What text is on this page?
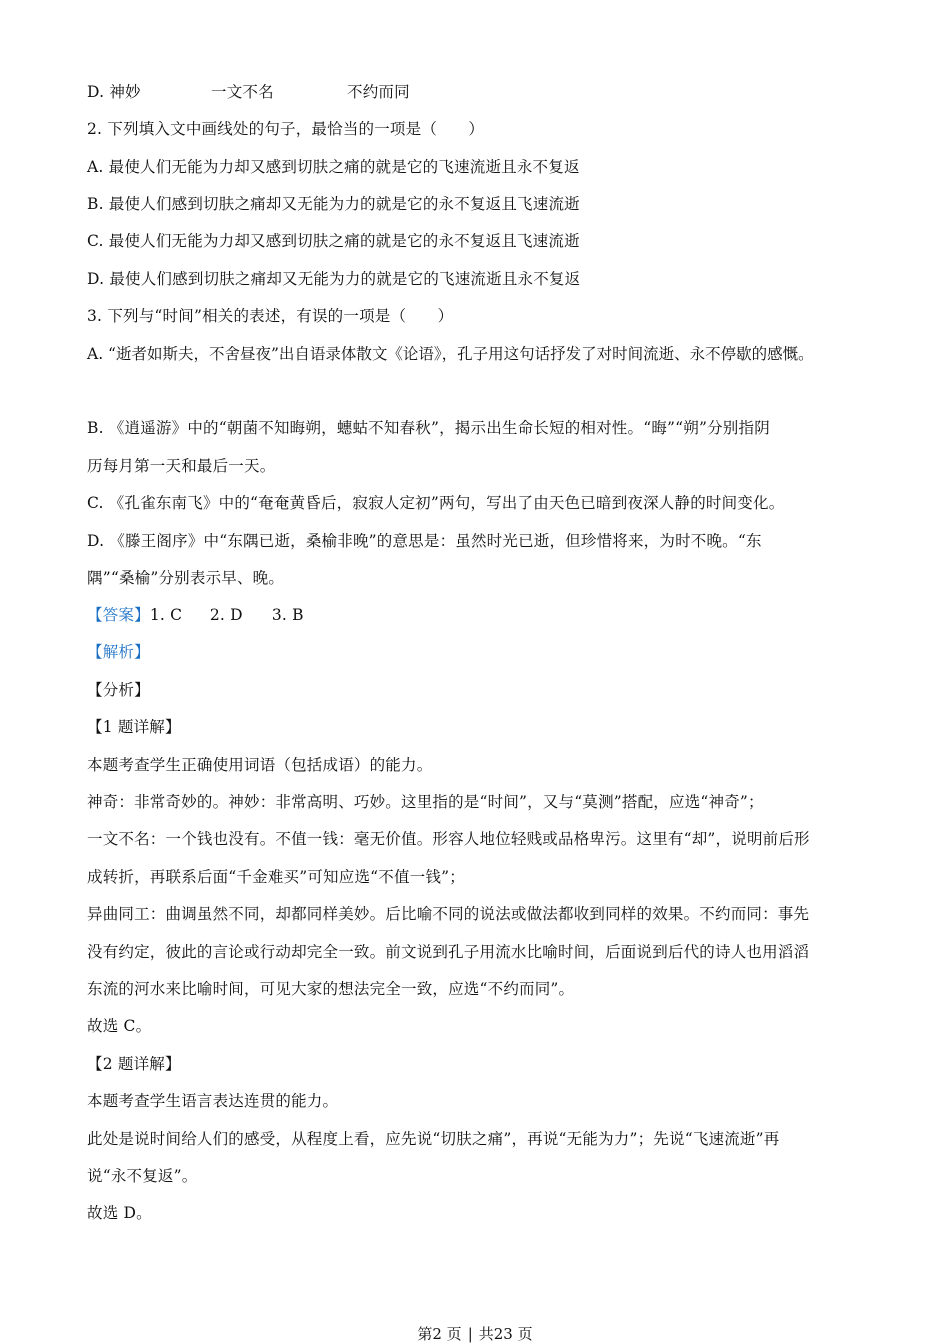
D. 神妙	一文不名	不约而同
2. 下列填入文中画线处的句子，最恰当的一项是（　　）
A. 最使人们无能为力却又感到切肤之痛的就是它的飞速流逝且永不复返
B. 最使人们感到切肤之痛却又无能为力的就是它的永不复返且飞速流逝
C. 最使人们无能为力却又感到切肤之痛的就是它的永不复返且飞速流逝
D. 最使人们感到切肤之痛却又无能为力的就是它的飞速流逝且永不复返
3. 下列与“时间”相关的表述，有误的一项是（　　）
A. “逝者如斯夫，不舍昼夜”出自语录体散文《论语》，孔子用这句话抒发了对时间流逝、永不停歇的感慨。
B. 《逍遥游》中的“朝菌不知晦朔，蟪蛄不知春秋”，揭示出生命长短的相对性。“晦”“朔”分别指阴
历每月第一天和最后一天。
C. 《孔雀东南飞》中的“奄奄黄昏后，寂寂人定初”两句，写出了由天色已暗到夜深人静的时间变化。
D. 《滕王阁序》中“东隅已逝，桑榆非晚”的意思是：虽然时光已逝，但珍惜将来，为时不晚。“东
隅”“桑榆”分别表示早、晚。
【答案】1. C 2. D 3. B
【解析】
【分析】
【1 题详解】
本题考查学生正确使用词语（包括成语）的能力。
神奇：非常奇妙的。神妙：非常高明、巧妙。这里指的是“时间”，又与“莫测”搭配，应选“神奇”；
一文不名：一个钱也没有。不值一钱：毫无价值。形容人地位轻贱或品格卑污。这里有“却”，说明前后形
成转折，再联系后面“千金难买”可知应选“不值一钱”；
异曲同工：曲调虽然不同，却都同样美妙。后比喻不同的说法或做法都收到同样的效果。不约而同：事先
没有约定，彼此的言论或行动却完全一致。前文说到孔子用流水比喻时间，后面说到后代的诗人也用滔滔
东流的河水来比喻时间，可见大家的想法完全一致，应选“不约而同”。
故选 C。
【2 题详解】
本题考查学生语言表达连贯的能力。
此处是说时间给人们的感受，从程度上看，应先说“切肤之痛”，再说“无能为力”；先说“飞速流逝”再
说“永不复返”。
故选 D。
第2 页 | 共23 页
